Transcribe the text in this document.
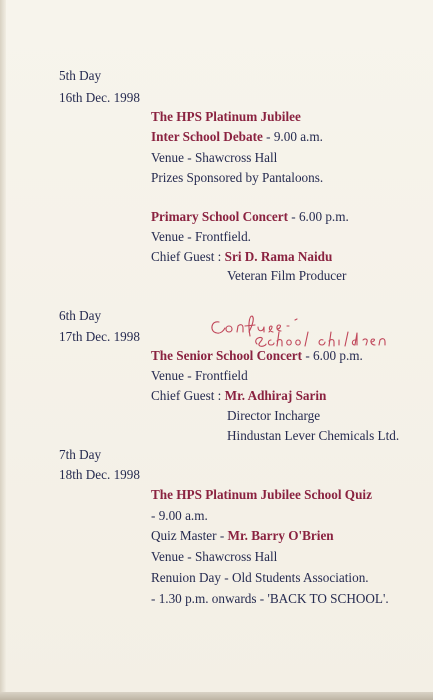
5th Day
16th Dec. 1998
The HPS Platinum Jubilee
Inter School Debate - 9.00 a.m.
Venue - Shawcross Hall
Prizes Sponsored by Pantaloons.
Primary School Concert - 6.00 p.m.
Venue - Frontfield.
Chief Guest : Sri D. Rama Naidu
Veteran Film Producer
6th Day
17th Dec. 1998
Confused. School children
The Senior School Concert - 6.00 p.m.
Venue - Frontfield
Chief Guest : Mr. Adhiraj Sarin
Director Incharge
Hindustan Lever Chemicals Ltd.
7th Day
18th Dec. 1998
The HPS Platinum Jubilee School Quiz
- 9.00 a.m.
Quiz Master - Mr. Barry O'Brien
Venue - Shawcross Hall
Renuion Day - Old Students Association.
- 1.30 p.m. onwards - 'BACK TO SCHOOL'.
